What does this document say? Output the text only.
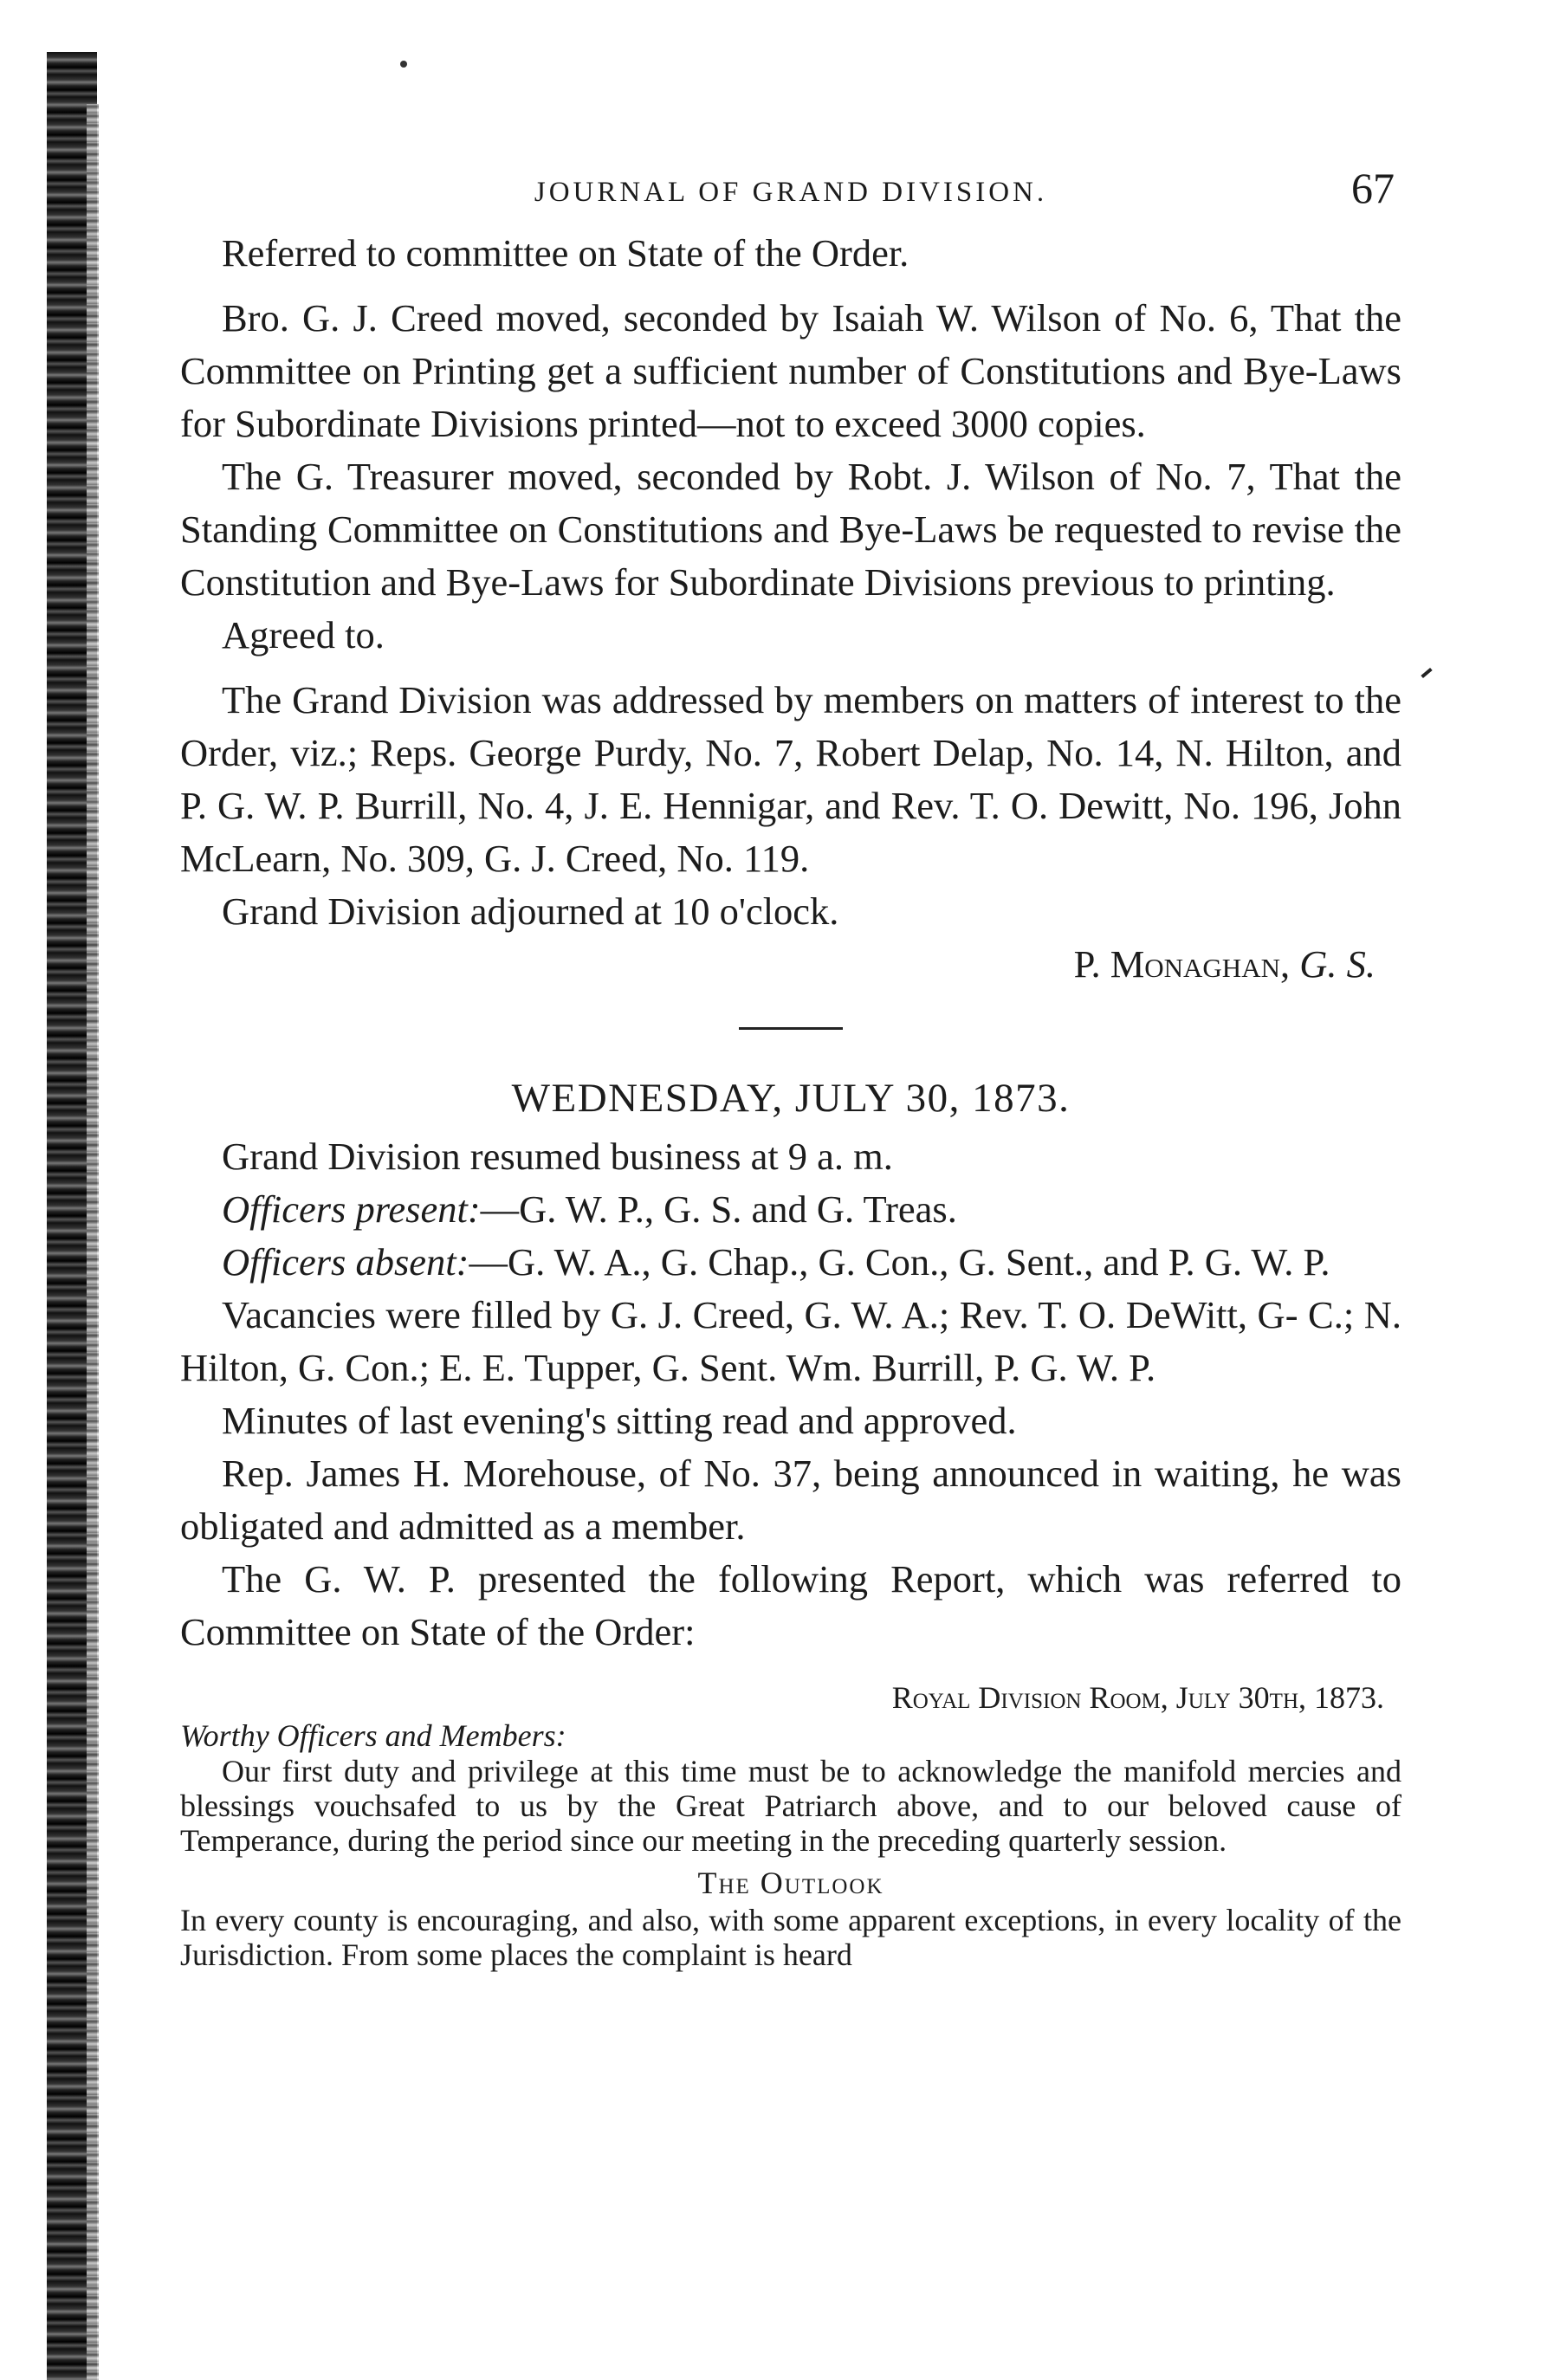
JOURNAL OF GRAND DIVISION.	67

Referred to committee on State of the Order.

Bro. G. J. Creed moved, seconded by Isaiah W. Wilson of No. 6, That the Committee on Printing get a sufficient number of Constitutions and Bye-Laws for Subordinate Divisions printed—not to exceed 3000 copies.

The G. Treasurer moved, seconded by Robt. J. Wilson of No. 7, That the Standing Committee on Constitutions and Bye-Laws be requested to revise the Constitution and Bye-Laws for Subordinate Divisions previous to printing.

Agreed to.

The Grand Division was addressed by members on matters of interest to the Order, viz.; Reps. George Purdy, No. 7, Robert Delap, No. 14, N. Hilton, and P. G. W. P. Burrill, No. 4, J. E. Hennigar, and Rev. T. O. Dewitt, No. 196, John McLearn, No. 309, G. J. Creed, No. 119.

Grand Division adjourned at 10 o'clock.

P. Monaghan, G. S.

WEDNESDAY, JULY 30, 1873.

Grand Division resumed business at 9 a. m.

Officers present:—G. W. P., G. S. and G. Treas.

Officers absent:—G. W. A., G. Chap., G. Con., G. Sent., and P. G. W. P.

Vacancies were filled by G. J. Creed, G. W. A.; Rev. T. O. DeWitt, G- C.; N. Hilton, G. Con.; E. E. Tupper, G. Sent. Wm. Burrill, P. G. W. P.

Minutes of last evening's sitting read and approved.

Rep. James H. Morehouse, of No. 37, being announced in waiting, he was obligated and admitted as a member.

The G. W. P. presented the following Report, which was referred to Committee on State of the Order:

Royal Division Room, July 30th, 1873.

Worthy Officers and Members:

Our first duty and privilege at this time must be to acknowledge the manifold mercies and blessings vouchsafed to us by the Great Patriarch above, and to our beloved cause of Temperance, during the period since our meeting in the preceding quarterly session.

The Outlook

In every county is encouraging, and also, with some apparent exceptions, in every locality of the Jurisdiction. From some places the complaint is heard
